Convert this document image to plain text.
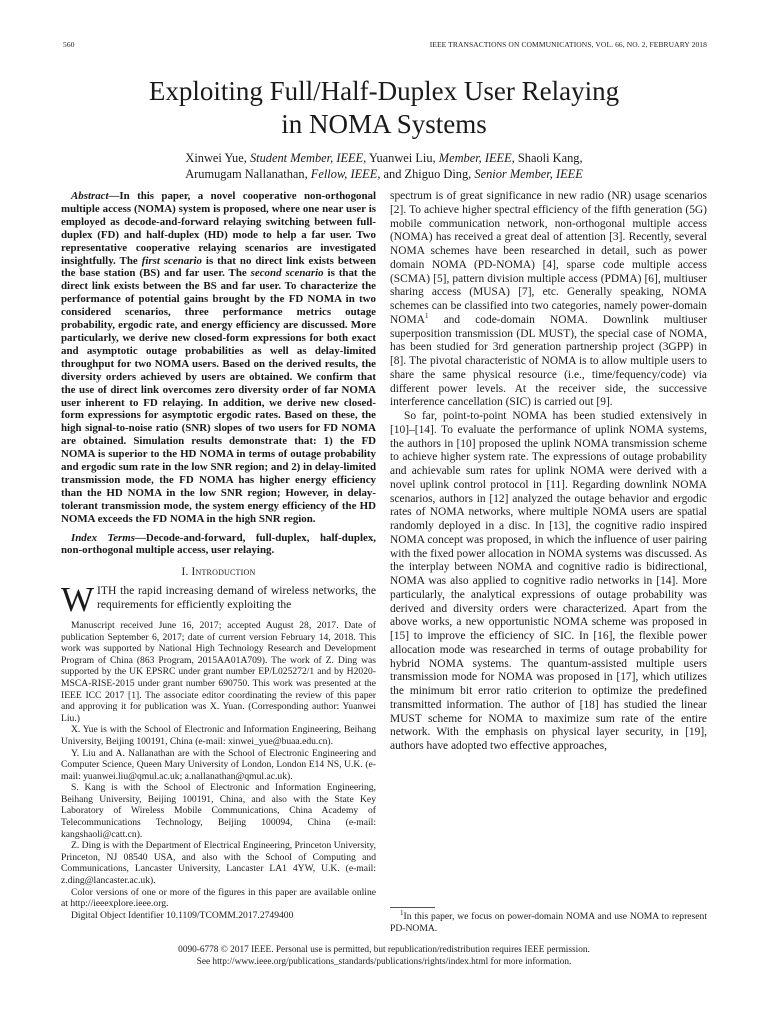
560	IEEE TRANSACTIONS ON COMMUNICATIONS, VOL. 66, NO. 2, FEBRUARY 2018
Exploiting Full/Half-Duplex User Relaying
in NOMA Systems
Xinwei Yue, Student Member, IEEE, Yuanwei Liu, Member, IEEE, Shaoli Kang,
Arumugam Nallanathan, Fellow, IEEE, and Zhiguo Ding, Senior Member, IEEE

Abstract—In this paper, a novel cooperative non-orthogonal multiple access (NOMA) system is proposed, where one near user is employed as decode-and-forward relaying switching between full-duplex (FD) and half-duplex (HD) mode to help a far user. Two representative cooperative relaying scenarios are investigated insightfully. The first scenario is that no direct link exists between the base station (BS) and far user. The second scenario is that the direct link exists between the BS and far user. To characterize the performance of potential gains brought by the FD NOMA in two considered scenarios, three performance metrics outage probability, ergodic rate, and energy efficiency are discussed. More particularly, we derive new closed-form expressions for both exact and asymptotic outage probabilities as well as delay-limited throughput for two NOMA users. Based on the derived results, the diversity orders achieved by users are obtained. We confirm that the use of direct link overcomes zero diversity order of far NOMA user inherent to FD relaying. In addition, we derive new closed-form expressions for asymptotic ergodic rates. Based on these, the high signal-to-noise ratio (SNR) slopes of two users for FD NOMA are obtained. Simulation results demonstrate that: 1) the FD NOMA is superior to the HD NOMA in terms of outage probability and ergodic sum rate in the low SNR region; and 2) in delay-limited transmission mode, the FD NOMA has higher energy efficiency than the HD NOMA in the low SNR region; However, in delay-tolerant transmission mode, the system energy efficiency of the HD NOMA exceeds the FD NOMA in the high SNR region.

Index Terms—Decode-and-forward, full-duplex, half-duplex, non-orthogonal multiple access, user relaying.

I. Introduction

WITH the rapid increasing demand of wireless networks, the requirements for efficiently exploiting the

Manuscript received June 16, 2017; accepted August 28, 2017. Date of publication September 6, 2017; date of current version February 14, 2018. This work was supported by National High Technology Research and Development Program of China (863 Program, 2015AA01A709). The work of Z. Ding was supported by the UK EPSRC under grant number EP/L025272/1 and by H2020-MSCA-RISE-2015 under grant number 690750. This work was presented at the IEEE ICC 2017 [1]. The associate editor coordinating the review of this paper and approving it for publication was X. Yuan. (Corresponding author: Yuanwei Liu.)

X. Yue is with the School of Electronic and Information Engineering, Beihang University, Beijing 100191, China (e-mail: xinwei_yue@buaa.edu.cn).

Y. Liu and A. Nallanathan are with the School of Electronic Engineering and Computer Science, Queen Mary University of London, London E14 NS, U.K. (e-mail: yuanwei.liu@qmul.ac.uk; a.nallanathan@qmul.ac.uk).

S. Kang is with the School of Electronic and Information Engineering, Beihang University, Beijing 100191, China, and also with the State Key Laboratory of Wireless Mobile Communications, China Academy of Telecommunications Technology, Beijing 100094, China (e-mail: kangshaoli@catt.cn).

Z. Ding is with the Department of Electrical Engineering, Princeton University, Princeton, NJ 08540 USA, and also with the School of Computing and Communications, Lancaster University, Lancaster LA1 4YW, U.K. (e-mail: z.ding@lancaster.ac.uk).

Color versions of one or more of the figures in this paper are available online at http://ieeexplore.ieee.org.

Digital Object Identifier 10.1109/TCOMM.2017.2749400

spectrum is of great significance in new radio (NR) usage scenarios [2]. To achieve higher spectral efficiency of the fifth generation (5G) mobile communication network, non-orthogonal multiple access (NOMA) has received a great deal of attention [3]. Recently, several NOMA schemes have been researched in detail, such as power domain NOMA (PD-NOMA) [4], sparse code multiple access (SCMA) [5], pattern division multiple access (PDMA) [6], multiuser sharing access (MUSA) [7], etc. Generally speaking, NOMA schemes can be classified into two categories, namely power-domain NOMA$^1$ and code-domain NOMA. Downlink multiuser superposition transmission (DL MUST), the special case of NOMA, has been studied for 3rd generation partnership project (3GPP) in [8]. The pivotal characteristic of NOMA is to allow multiple users to share the same physical resource (i.e., time/fequency/code) via different power levels. At the receiver side, the successive interference cancellation (SIC) is carried out [9].

So far, point-to-point NOMA has been studied extensively in [10]–[14]. To evaluate the performance of uplink NOMA systems, the authors in [10] proposed the uplink NOMA transmission scheme to achieve higher system rate. The expressions of outage probability and achievable sum rates for uplink NOMA were derived with a novel uplink control protocol in [11]. Regarding downlink NOMA scenarios, authors in [12] analyzed the outage behavior and ergodic rates of NOMA networks, where multiple NOMA users are spatial randomly deployed in a disc. In [13], the cognitive radio inspired NOMA concept was proposed, in which the influence of user pairing with the fixed power allocation in NOMA systems was discussed. As the interplay between NOMA and cognitive radio is bidirectional, NOMA was also applied to cognitive radio networks in [14]. More particularly, the analytical expressions of outage probability was derived and diversity orders were characterized. Apart from the above works, a new opportunistic NOMA scheme was proposed in [15] to improve the efficiency of SIC. In [16], the flexible power allocation mode was researched in terms of outage probability for hybrid NOMA systems. The quantum-assisted multiple users transmission mode for NOMA was proposed in [17], which utilizes the minimum bit error ratio criterion to optimize the predefined transmitted information. The author of [18] has studied the linear MUST scheme for NOMA to maximize sum rate of the entire network. With the emphasis on physical layer security, in [19], authors have adopted two effective approaches,

$^1$In this paper, we focus on power-domain NOMA and use NOMA to represent PD-NOMA.
0090-6778 © 2017 IEEE. Personal use is permitted, but republication/redistribution requires IEEE permission.
See http://www.ieee.org/publications_standards/publications/rights/index.html for more information.
